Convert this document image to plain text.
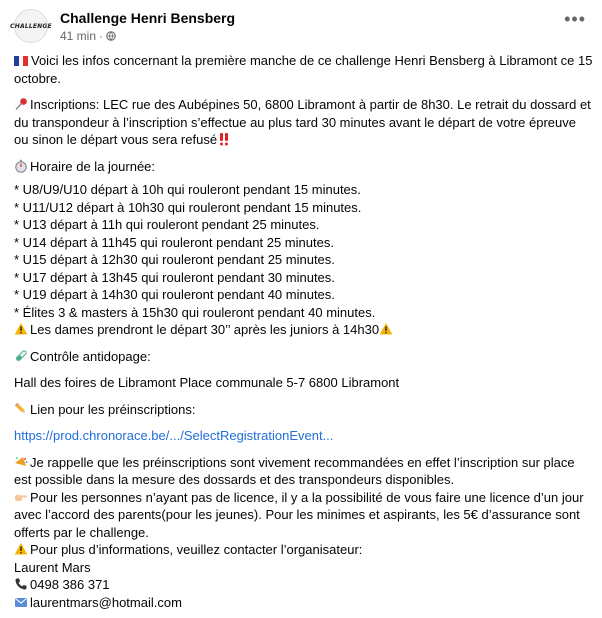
CHALLENGE Challenge Henri Bensberg
41 min ·
•••

Voici les infos concernant la première manche de ce challenge Henri Bensberg à Libramont ce 15 octobre.

Inscriptions: LEC rue des Aubépines 50, 6800 Libramont à partir de 8h30. Le retrait du dossard et du transpondeur à l’inscription s’effectue au plus tard 30 minutes avant le départ de votre épreuve ou sinon le départ vous sera refusé

Horaire de la journée:

* U8/U9/U10 départ à 10h qui rouleront pendant 15 minutes.

* U11/U12 départ à 10h30 qui rouleront pendant 15 minutes.

* U13 départ à 11h qui rouleront pendant 25 minutes.

* U14 départ à 11h45 qui rouleront pendant 25 minutes.

* U15 départ à 12h30 qui rouleront pendant 25 minutes.

* U17 départ à 13h45 qui rouleront pendant 30 minutes.

* U19 départ à 14h30 qui rouleront pendant 40 minutes.

* Élites 3 & masters à 15h30 qui rouleront pendant 40 minutes.

Les dames prendront le départ 30’’ après les juniors à 14h30

Contrôle antidopage:

Hall des foires de Libramont Place communale 5-7 6800 Libramont

Lien pour les préinscriptions:

https://prod.chronorace.be/.../SelectRegistrationEvent...

Je rappelle que les préinscriptions sont vivement recommandées en effet l’inscription sur place est possible dans la mesure des dossards et des transpondeurs disponibles.

Pour les personnes n’ayant pas de licence, il y a la possibilité de vous faire une licence d’un jour avec l’accord des parents(pour les jeunes). Pour les minimes et aspirants, les 5€ d’assurance sont offerts par le challenge.

Pour plus d’informations, veuillez contacter l’organisateur:

Laurent Mars

0498 386 371

laurentmars@hotmail.com
